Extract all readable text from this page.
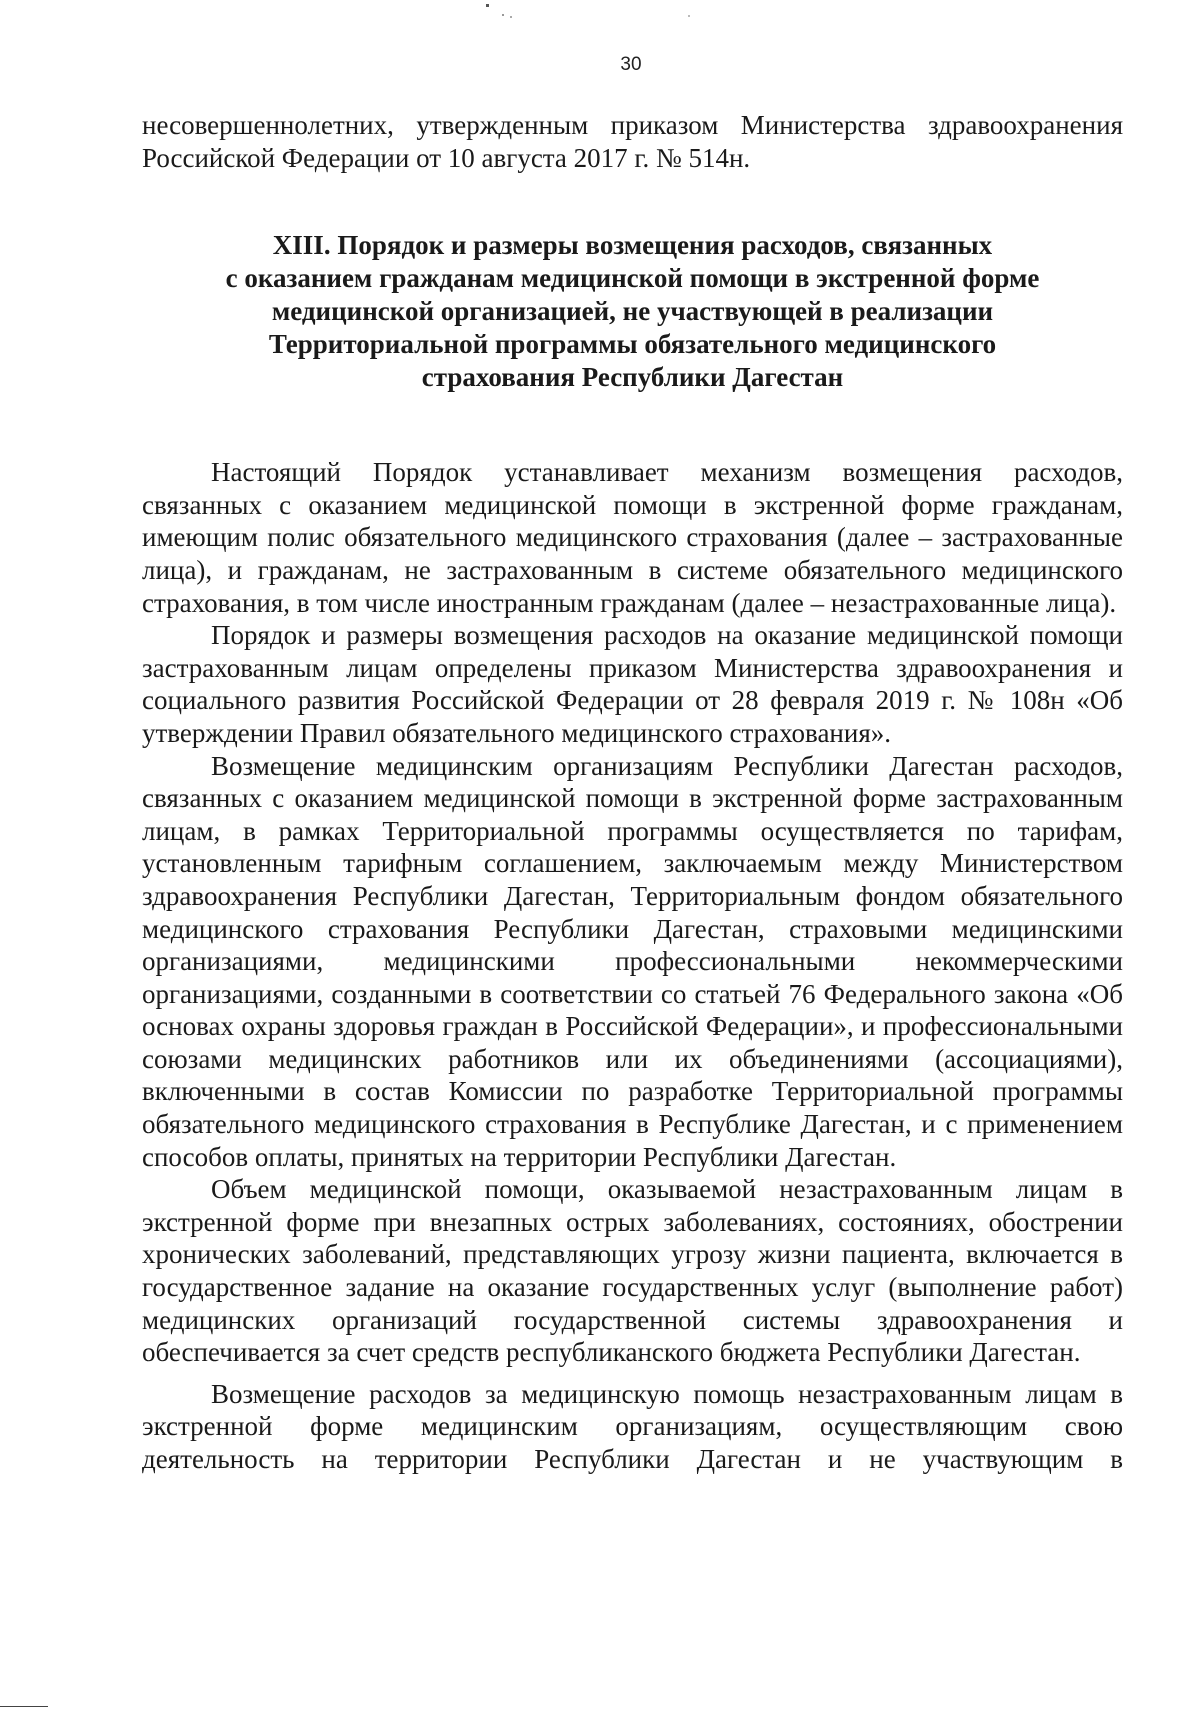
30

несовершеннолетних, утвержденным приказом Министерства здравоохранения

Российской Федерации от 10 августа 2017 г. № 514н.

XIII. Порядок и размеры возмещения расходов, связанных
с оказанием гражданам медицинской помощи в экстренной форме
медицинской организацией, не участвующей в реализации
Территориальной программы обязательного медицинского
страхования Республики Дагестан

Настоящий Порядок устанавливает механизм возмещения расходов, связанных с оказанием медицинской помощи в экстренной форме гражданам, имеющим полис обязательного медицинского страхования (далее – застрахованные лица), и гражданам, не застрахованным в системе обязательного медицинского страхования, в том числе иностранным гражданам (далее – незастрахованные лица).

Порядок и размеры возмещения расходов на оказание медицинской помощи застрахованным лицам определены приказом Министерства здравоохранения и социального развития Российской Федерации от 28 февраля 2019 г. № 108н «Об утверждении Правил обязательного медицинского страхования».

Возмещение медицинским организациям Республики Дагестан расходов, связанных с оказанием медицинской помощи в экстренной форме застрахованным лицам, в рамках Территориальной программы осуществляется по тарифам, установленным тарифным соглашением, заключаемым между Министерством здравоохранения Республики Дагестан, Территориальным фондом обязательного медицинского страхования Республики Дагестан, страховыми медицинскими организациями, медицинскими профессиональными некоммерческими организациями, созданными в соответствии со статьей 76 Федерального закона «Об основах охраны здоровья граждан в Российской Федерации», и профессиональными союзами медицинских работников или их объединениями (ассоциациями), включенными в состав Комиссии по разработке Территориальной программы обязательного медицинского страхования в Республике Дагестан, и с применением способов оплаты, принятых на территории Республики Дагестан.

Объем медицинской помощи, оказываемой незастрахованным лицам в экстренной форме при внезапных острых заболеваниях, состояниях, обострении хронических заболеваний, представляющих угрозу жизни пациента, включается в государственное задание на оказание государственных услуг (выполнение работ) медицинских организаций государственной системы здравоохранения и обеспечивается за счет средств республиканского бюджета Республики Дагестан.

Возмещение расходов за медицинскую помощь незастрахованным лицам в экстренной форме медицинским организациям, осуществляющим свою деятельность на территории Республики Дагестан и не участвующим в
